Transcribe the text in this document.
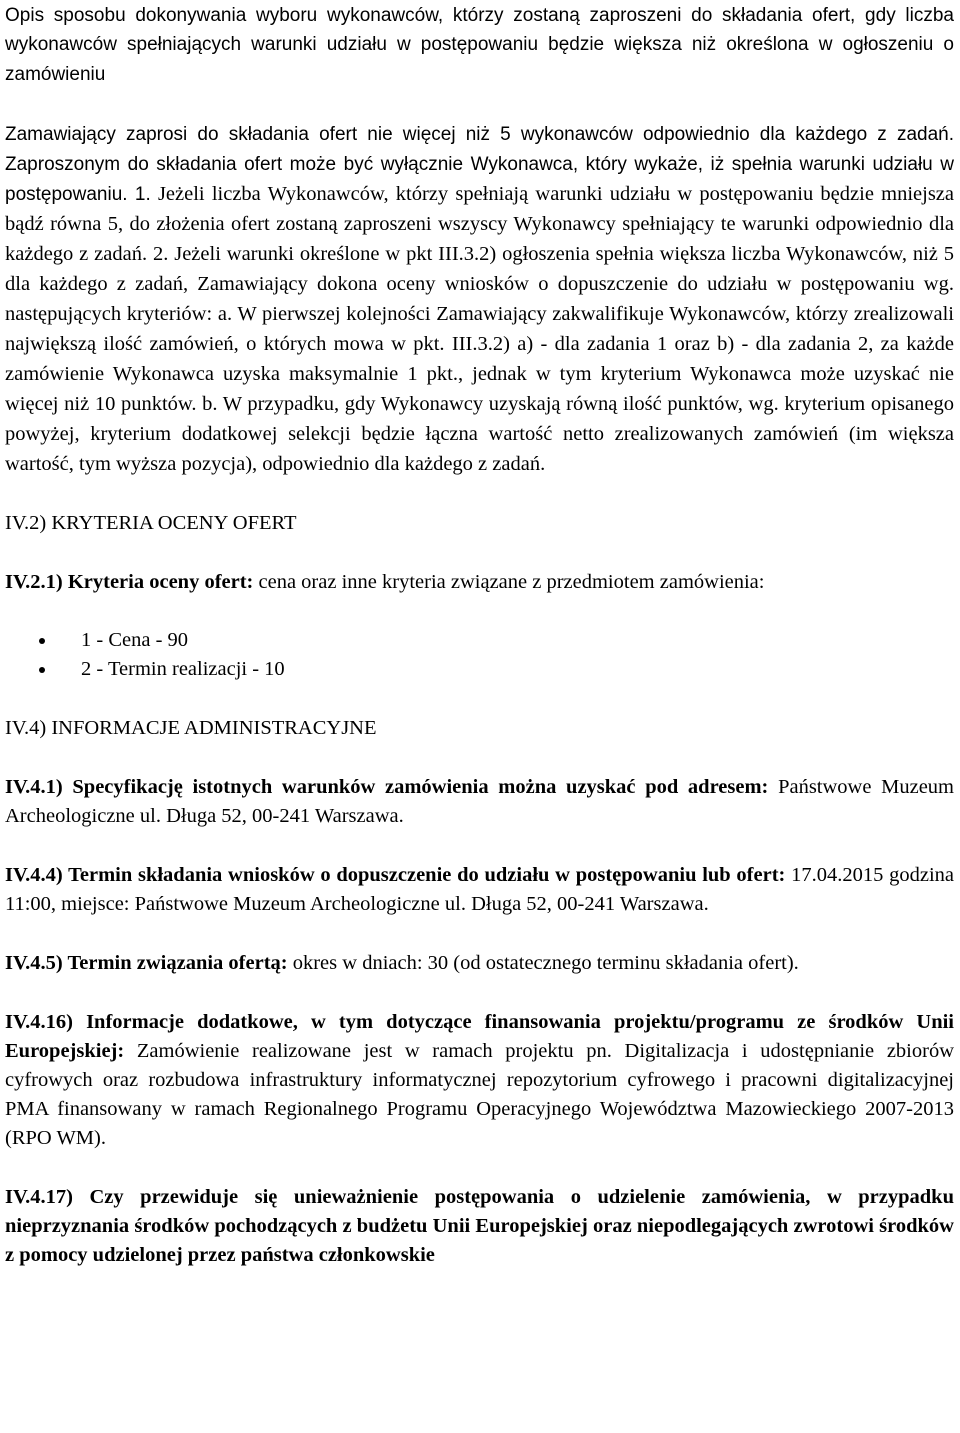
Opis sposobu dokonywania wyboru wykonawców, którzy zostaną zaproszeni do składania ofert, gdy liczba wykonawców spełniających warunki udziału w postępowaniu będzie większa niż określona w ogłoszeniu o zamówieniu

Zamawiający zaprosi do składania ofert nie więcej niż 5 wykonawców odpowiednio dla każdego z zadań. Zaproszonym do składania ofert może być wyłącznie Wykonawca, który wykaże, iż spełnia warunki udziału w postępowaniu. 1. Jeżeli liczba Wykonawców, którzy spełniają warunki udziału w postępowaniu będzie mniejsza bądź równa 5, do złożenia ofert zostaną zaproszeni wszyscy Wykonawcy spełniający te warunki odpowiednio dla każdego z zadań. 2. Jeżeli warunki określone w pkt III.3.2) ogłoszenia spełnia większa liczba Wykonawców, niż 5 dla każdego z zadań, Zamawiający dokona oceny wniosków o dopuszczenie do udziału w postępowaniu wg. następujących kryteriów: a. W pierwszej kolejności Zamawiający zakwalifikuje Wykonawców, którzy zrealizowali największą ilość zamówień, o których mowa w pkt. III.3.2) a) - dla zadania 1 oraz b) - dla zadania 2, za każde zamówienie Wykonawca uzyska maksymalnie 1 pkt., jednak w tym kryterium Wykonawca może uzyskać nie więcej niż 10 punktów. b. W przypadku, gdy Wykonawcy uzyskają równą ilość punktów, wg. kryterium opisanego powyżej, kryterium dodatkowej selekcji będzie łączna wartość netto zrealizowanych zamówień (im większa wartość, tym wyższa pozycja), odpowiednio dla każdego z zadań.

IV.2) KRYTERIA OCENY OFERT

IV.2.1) Kryteria oceny ofert: cena oraz inne kryteria związane z przedmiotem zamówienia:

1 - Cena - 90
2 - Termin realizacji - 10

IV.4) INFORMACJE ADMINISTRACYJNE

IV.4.1) Specyfikację istotnych warunków zamówienia można uzyskać pod adresem: Państwowe Muzeum Archeologiczne ul. Długa 52, 00-241 Warszawa.

IV.4.4) Termin składania wniosków o dopuszczenie do udziału w postępowaniu lub ofert: 17.04.2015 godzina 11:00, miejsce: Państwowe Muzeum Archeologiczne ul. Długa 52, 00-241 Warszawa.

IV.4.5) Termin związania ofertą: okres w dniach: 30 (od ostatecznego terminu składania ofert).

IV.4.16) Informacje dodatkowe, w tym dotyczące finansowania projektu/programu ze środków Unii Europejskiej: Zamówienie realizowane jest w ramach projektu pn. Digitalizacja i udostępnianie zbiorów cyfrowych oraz rozbudowa infrastruktury informatycznej repozytorium cyfrowego i pracowni digitalizacyjnej PMA finansowany w ramach Regionalnego Programu Operacyjnego Województwa Mazowieckiego 2007-2013 (RPO WM).

IV.4.17) Czy przewiduje się unieważnienie postępowania o udzielenie zamówienia, w przypadku nieprzyznania środków pochodzących z budżetu Unii Europejskiej oraz niepodlegających zwrotowi środków z pomocy udzielonej przez państwa członkowskie
